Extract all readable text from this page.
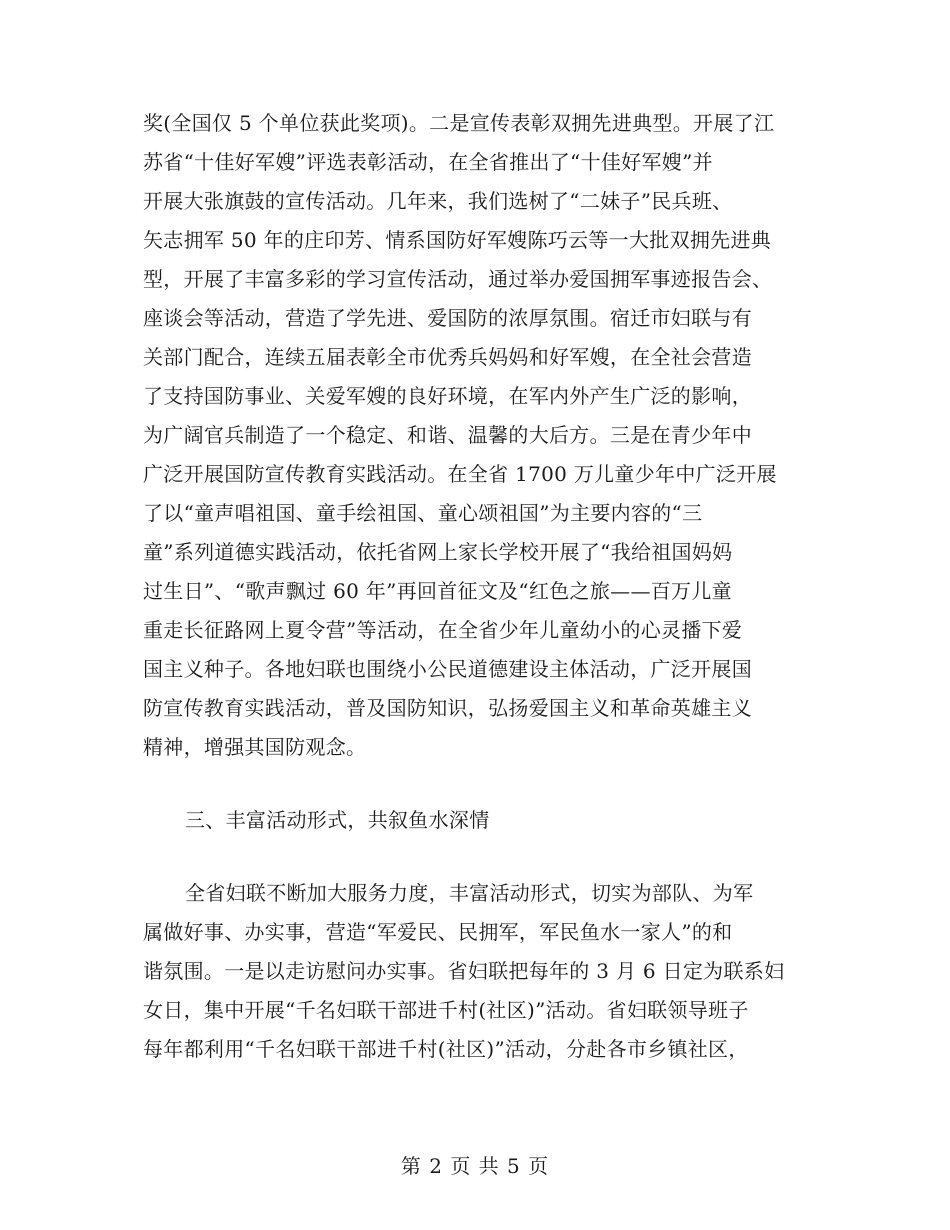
奖(全国仅 5 个单位获此奖项)。二是宣传表彰双拥先进典型。开展了江
苏省“十佳好军嫂”评选表彰活动，在全省推出了“十佳好军嫂”并
开展大张旗鼓的宣传活动。几年来，我们选树了“二妹子”民兵班、
矢志拥军 50 年的庄印芳、情系国防好军嫂陈巧云等一大批双拥先进典
型，开展了丰富多彩的学习宣传活动，通过举办爱国拥军事迹报告会、
座谈会等活动，营造了学先进、爱国防的浓厚氛围。宿迁市妇联与有
关部门配合，连续五届表彰全市优秀兵妈妈和好军嫂，在全社会营造
了支持国防事业、关爱军嫂的良好环境，在军内外产生广泛的影响，
为广阔官兵制造了一个稳定、和谐、温馨的大后方。三是在青少年中
广泛开展国防宣传教育实践活动。在全省 1700 万儿童少年中广泛开展
了以“童声唱祖国、童手绘祖国、童心颂祖国”为主要内容的“三
童”系列道德实践活动，依托省网上家长学校开展了“我给祖国妈妈
过生日”、“歌声飘过 60 年”再回首征文及“红色之旅——百万儿童
重走长征路网上夏令营”等活动，在全省少年儿童幼小的心灵播下爱
国主义种子。各地妇联也围绕小公民道德建设主体活动，广泛开展国
防宣传教育实践活动，普及国防知识，弘扬爱国主义和革命英雄主义
精神，增强其国防观念。
三、丰富活动形式，共叙鱼水深情
全省妇联不断加大服务力度，丰富活动形式，切实为部队、为军
属做好事、办实事，营造“军爱民、民拥军，军民鱼水一家人”的和
谐氛围。一是以走访慰问办实事。省妇联把每年的 3 月 6 日定为联系妇
女日，集中开展“千名妇联干部进千村(社区)”活动。省妇联领导班子
每年都利用“千名妇联干部进千村(社区)”活动，分赴各市乡镇社区，
第 2 页 共 5 页
